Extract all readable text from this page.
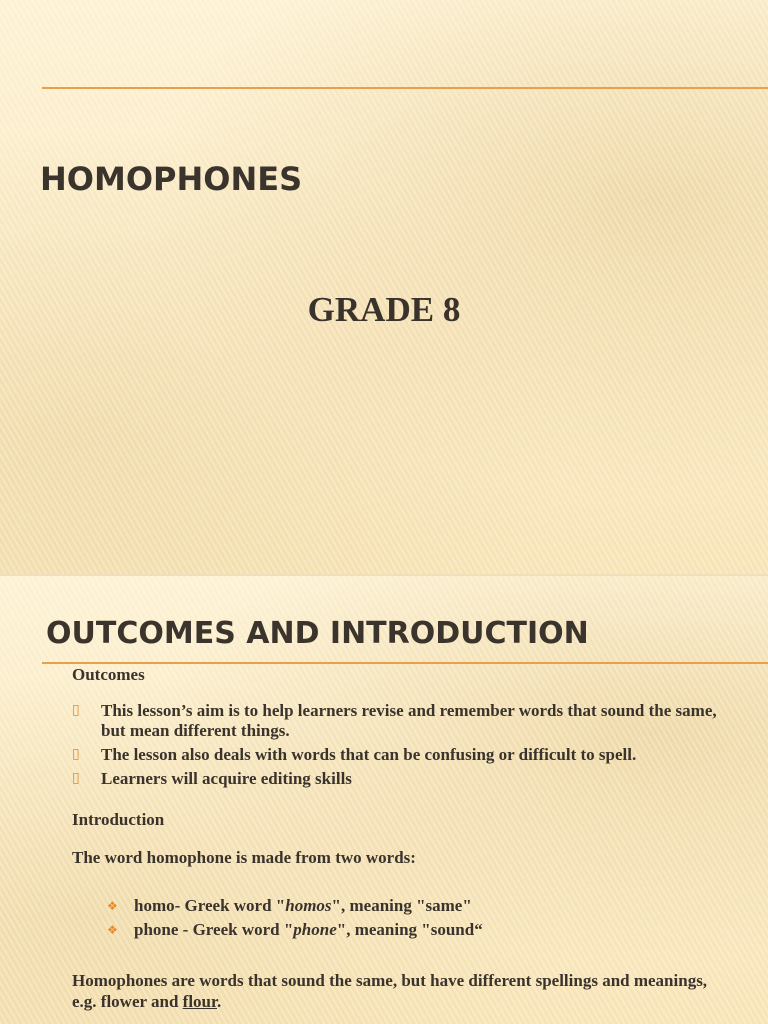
HOMOPHONES
GRADE 8
OUTCOMES AND INTRODUCTION
Outcomes
▯ This lesson’s aim is to help learners revise and remember words that sound the same, but mean different things.
▯ The lesson also deals with words that can be confusing or difficult to spell.
▯ Learners will acquire editing skills
Introduction
The word homophone is made from two words:
❖ homo- Greek word "homos", meaning "same"
❖ phone - Greek word "phone", meaning "sound“
Homophones are words that sound the same, but have different spellings and meanings, e.g. flower and flour.
